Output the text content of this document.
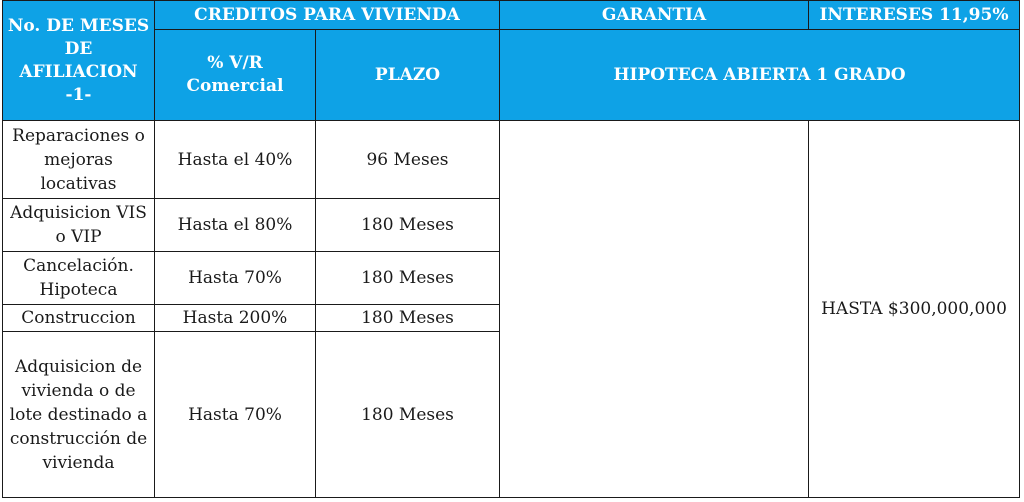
No. DE MESES
DE
AFILIACION
-1-	CREDITOS PARA VIVIENDA		GARANTIA	INTERESES 11,95%
	% V/R
Comercial	PLAZO	HIPOTECA ABIERTA 1 GRADO	
Reparaciones o
mejoras
locativas	Hasta el 40%	96 Meses		HASTA $300,000,000
Adquisicion VIS
o VIP	Hasta el 80%	180 Meses		
Cancelación.
Hipoteca	Hasta 70%	180 Meses		
Construccion	Hasta 200%	180 Meses		
Adquisicion de
vivienda o de
lote destinado a
construcción de
vivienda	Hasta 70%	180 Meses		
